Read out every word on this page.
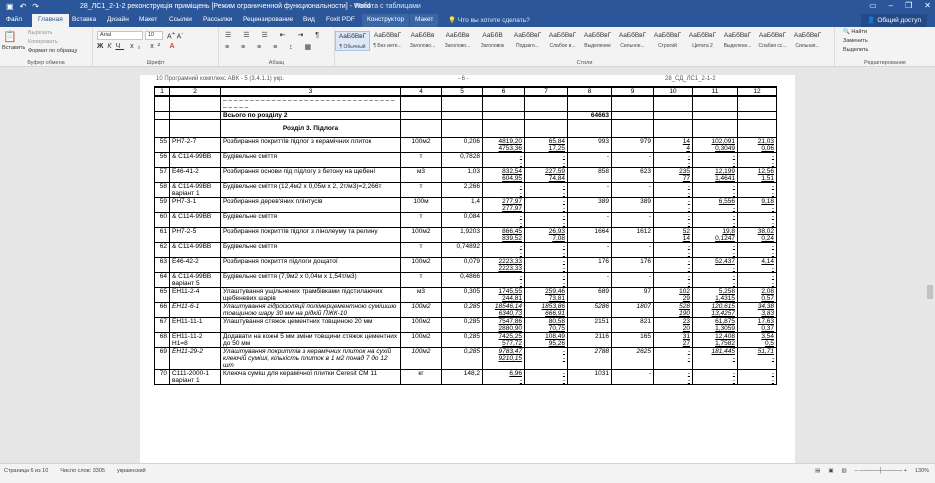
▣ ↶ ↷	28_ЛС1_2-1-2 реконструкція приміщень [Режим ограниченной функциональности] - Word
Работа с таблицами	▭ – ❐ ✕
Файл	Главная	Вставка Дизайн Макет Ссылки Рассылки Рецензирование Вид Foxit PDF	Конструктор	Макет	💡 Что вы хотите сделать?	👤 Общий доступ
📋
Вставить
Вырезать
Копировать
Формат по образцу
Буфер обмена
Arial	10	A+ A-
ЖКЧ x₂ x² A
Шрифт
☰ ☰ ☰ ⇤ ⇥ ¶
≡ ≡ ≡ ≡ ↕ ▦
Абзац	Стили
АаБбВвГ
¶ Обычный
АаБбВвГ
¶ Без инте...
АаБбВв
Заголово...
АаБбВв
Заголово...
АаБбВ
Заголовок
АаБбВвГ
Подзаго...
АаБбВвГ
Слабое в...
АаБбВвГ
Выделение
АаБбВвГ
Сильное...
АаБбВвГ
Строгий
АаБбВвГ
Цитата 2
АаБбВвГ
Выделенн...
АаБбВвГ
Слабая сс...
АаБбВвГ
Сильная...
🔍 Найти
Заменить
Выделить
Редактирование
10 Програмний комплекс АВК - 5 (3.4.1.1) укр.	- 6 -	28_СД_ЛС1_2-1-2
1	2	3	4	5	6	7	8	9	10	11	12
		– – – – – – – – – – – – – – – – – – – – – – – – – – – – – – – – – – – – –									
		Всього по розділу 2					64663				
		Розділ 3. Підлога									
55	РН7-2-7	Розбирання покриттів підлог з керамічних плиток	100м2	0,206	4819,20
4753,36	65,84
17,25	993	979	14
4	102,091
0,3049	21,03
0,06
56	& С114-99ВВ	Будівельне сміття	т	0,7828	-
-	-
-	-	-	-
-	-
-	-
-
57	Е46-41-2	Розбирання основи під підлогу з бетону на щебені	м3	1,03	832,54
604,95	227,59
74,84	858	623	235
77	12,199
1,4641	12,56
1,51
58	& С114-99ВВ варіант 1	Будівельне сміття (12,4м2 х 0,05м х 2, 2т/м3)=2,266т	т	2,266	-
-	-
-	-	-	-
-	-
-	-
-
59	РН7-3-1	Розбирання дерев'яних плінтусів	100м	1,4	277,97
277,97	-
-	389	389	-
-	6,556
-	9,18
-
60	& С114-99ВВ	Будівельне сміття	т	0,084	-
-	-
-	-	-	-
-	-
-	-
-
61	РН7-2-5	Розбирання покриттів підлог з лінолеуму та релину	100м2	1,9203	866,45
839,52	26,93
7,08	1664	1612	52
14	19,8
0,1247	38,02
0,24
62	& С114-99ВВ	Будівельне сміття	т	0,74892	-
-	-
-	-	-	-
-	-
-	-
-
63	Е46-42-2	Розбирання покриття підлоги дощатої	100м2	0,079	2223,33
2223,33	-
-	176	176	-
-	52,437
-	4,14
-
64	& С114-99ВВ варіант 5	Будівельне сміття (7,9м2 х 0,04м х 1,54т/м3)	т	0,4866	-
-	-
-	-	-	-
-	-
-	-
-
65	ЕН11-2-4	Улаштування ущільнених трамбівками підстилаючих щебеневих шарів	м3	0,305	1745,55
244,81	259,46
73,81	689	97	102
29	5,258
1,4315	2,08
0,57
66	ЕН11-6-1	Улаштування гідроізоляції полімерцементною сумішшю товщиною шару 30 мм на рідкій ПЖК-10	100м2	0,285	18546,14
6340,73	1853,86
666,91	5286	1807	528
190	120,615
13,4257	34,38
3,83
67	ЕН11-11-1	Улаштування стяжок цементних товщиною 20 мм	100м2	0,285	7547,86
2880,90	80,58
70,75	2151	821	23
20	61,875
1,3059	17,63
0,37
68	ЕН11-11-2 Н1=8	Додавати на кожні 5 мм зміни товщини стяжок цементних до 50 мм	100м2	0,285	7425,25
577,72	108,49
95,26	2116	165	31
27	12,408
1,7582	3,54
0,5
69	ЕН11-29-2	Улаштування покриттів з керамічних плиток на сухій клеючій суміші, кількість плиток в 1 м2 понад 7 до 12 шт	100м2	0,285	9783,47
9210,15	-
-	2788	2625	-
-	181,445
-	51,71
-
70	С111-2000-1 варіант 1	Клеюча суміш для керамічної плитки Ceresit CM 11	кг	148,2	6,96
-	-
-	1031	-	-
-	-
-	-
-
Страница 6 из 10 Число слов: 3305 украинский	▤ ▣ ▥ – ─────┼───── + 130%
